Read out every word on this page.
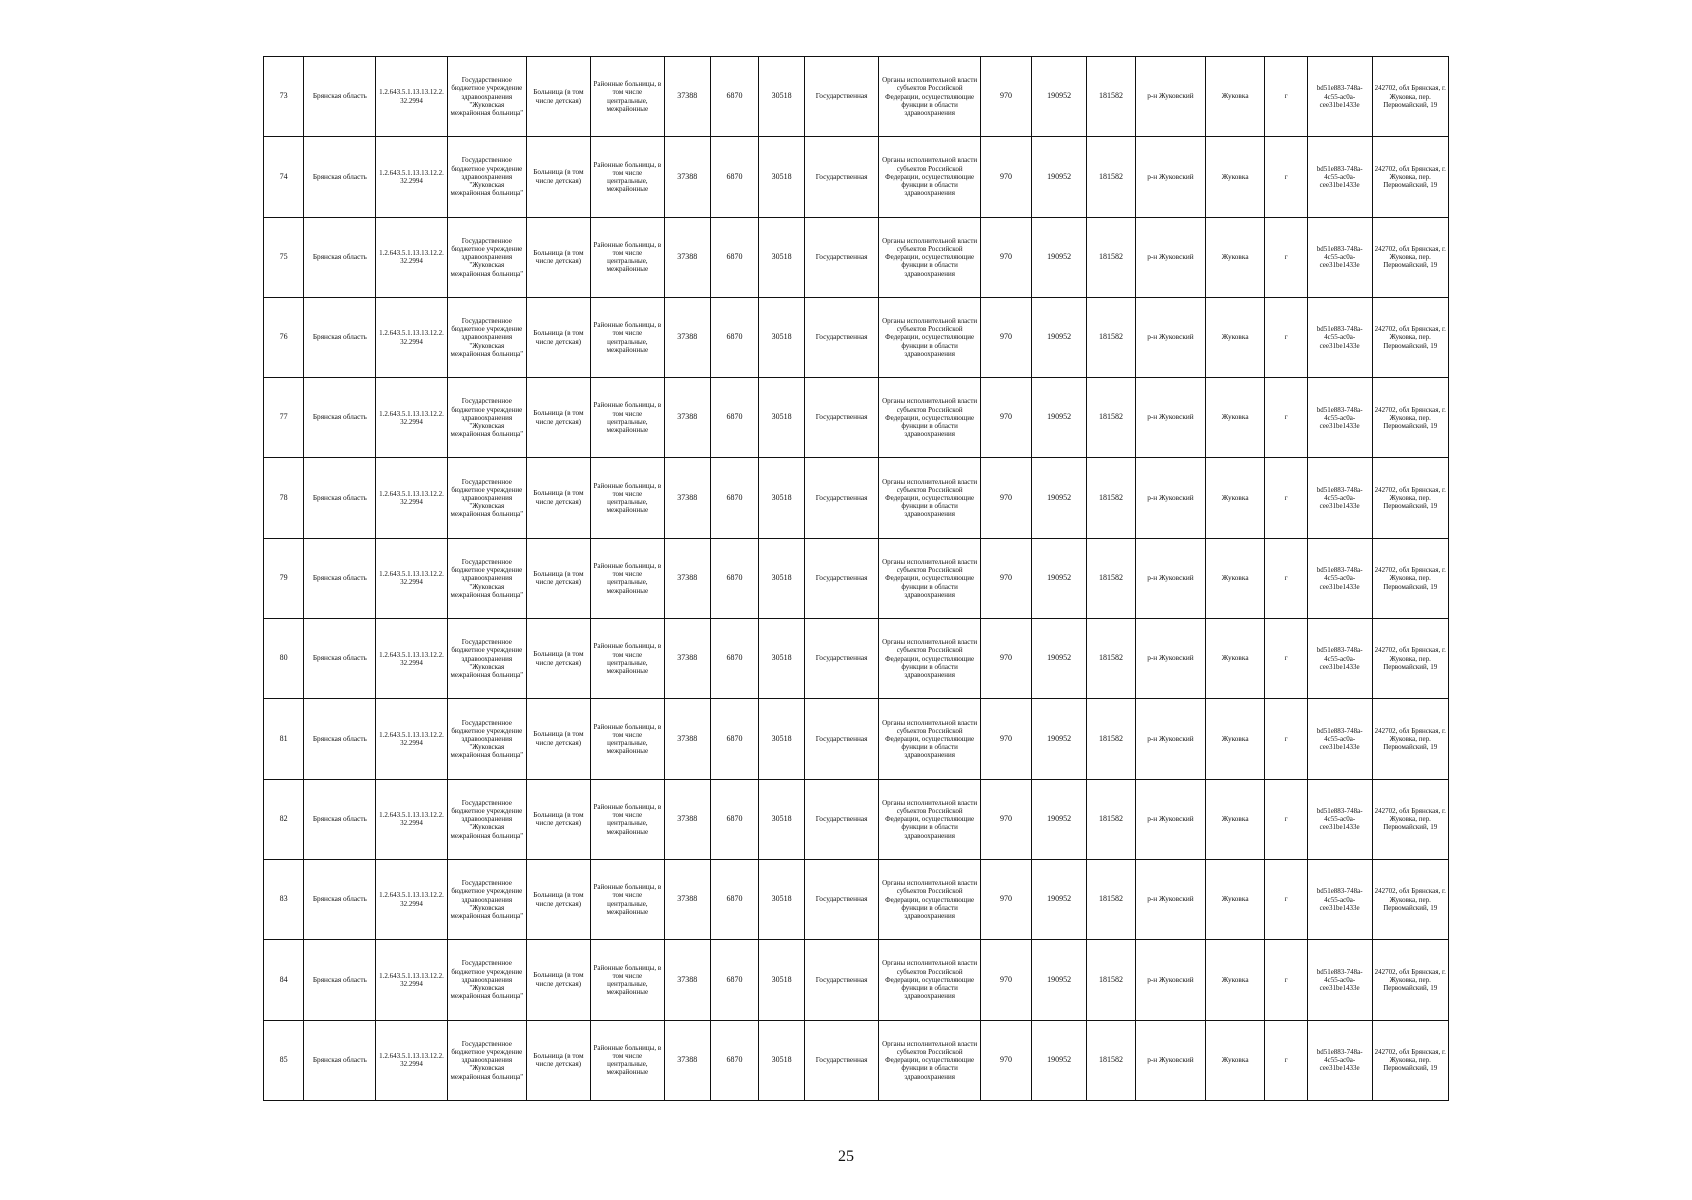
73	Брянская область	1.2.643.5.1.13.13.12.2.32.2994	Государственное бюджетное учреждение здравоохранения "Жуковская межрайонная больница"	Больница (в том числе детская)	Районные больницы, в том числе центральные, межрайонные	37388	6870	30518	Государственная	Органы исполнительной власти субъектов Российской Федерации, осуществляющие функции в области здравоохранения	970	190952	181582	р-н Жуковский	Жуковка	г	bd51e883-748a-4c55-ac0a-cee31be1433e	242702, обл Брянская, г. Жуковка, пер. Первомайский, 19
74	Брянская область	1.2.643.5.1.13.13.12.2.32.2994	Государственное бюджетное учреждение здравоохранения "Жуковская межрайонная больница"	Больница (в том числе детская)	Районные больницы, в том числе центральные, межрайонные	37388	6870	30518	Государственная	Органы исполнительной власти субъектов Российской Федерации, осуществляющие функции в области здравоохранения	970	190952	181582	р-н Жуковский	Жуковка	г	bd51e883-748a-4c55-ac0a-cee31be1433e	242702, обл Брянская, г. Жуковка, пер. Первомайский, 19
75	Брянская область	1.2.643.5.1.13.13.12.2.32.2994	Государственное бюджетное учреждение здравоохранения "Жуковская межрайонная больница"	Больница (в том числе детская)	Районные больницы, в том числе центральные, межрайонные	37388	6870	30518	Государственная	Органы исполнительной власти субъектов Российской Федерации, осуществляющие функции в области здравоохранения	970	190952	181582	р-н Жуковский	Жуковка	г	bd51e883-748a-4c55-ac0a-cee31be1433e	242702, обл Брянская, г. Жуковка, пер. Первомайский, 19
76	Брянская область	1.2.643.5.1.13.13.12.2.32.2994	Государственное бюджетное учреждение здравоохранения "Жуковская межрайонная больница"	Больница (в том числе детская)	Районные больницы, в том числе центральные, межрайонные	37388	6870	30518	Государственная	Органы исполнительной власти субъектов Российской Федерации, осуществляющие функции в области здравоохранения	970	190952	181582	р-н Жуковский	Жуковка	г	bd51e883-748a-4c55-ac0a-cee31be1433e	242702, обл Брянская, г. Жуковка, пер. Первомайский, 19
77	Брянская область	1.2.643.5.1.13.13.12.2.32.2994	Государственное бюджетное учреждение здравоохранения "Жуковская межрайонная больница"	Больница (в том числе детская)	Районные больницы, в том числе центральные, межрайонные	37388	6870	30518	Государственная	Органы исполнительной власти субъектов Российской Федерации, осуществляющие функции в области здравоохранения	970	190952	181582	р-н Жуковский	Жуковка	г	bd51e883-748a-4c55-ac0a-cee31be1433e	242702, обл Брянская, г. Жуковка, пер. Первомайский, 19
78	Брянская область	1.2.643.5.1.13.13.12.2.32.2994	Государственное бюджетное учреждение здравоохранения "Жуковская межрайонная больница"	Больница (в том числе детская)	Районные больницы, в том числе центральные, межрайонные	37388	6870	30518	Государственная	Органы исполнительной власти субъектов Российской Федерации, осуществляющие функции в области здравоохранения	970	190952	181582	р-н Жуковский	Жуковка	г	bd51e883-748a-4c55-ac0a-cee31be1433e	242702, обл Брянская, г. Жуковка, пер. Первомайский, 19
79	Брянская область	1.2.643.5.1.13.13.12.2.32.2994	Государственное бюджетное учреждение здравоохранения "Жуковская межрайонная больница"	Больница (в том числе детская)	Районные больницы, в том числе центральные, межрайонные	37388	6870	30518	Государственная	Органы исполнительной власти субъектов Российской Федерации, осуществляющие функции в области здравоохранения	970	190952	181582	р-н Жуковский	Жуковка	г	bd51e883-748a-4c55-ac0a-cee31be1433e	242702, обл Брянская, г. Жуковка, пер. Первомайский, 19
80	Брянская область	1.2.643.5.1.13.13.12.2.32.2994	Государственное бюджетное учреждение здравоохранения "Жуковская межрайонная больница"	Больница (в том числе детская)	Районные больницы, в том числе центральные, межрайонные	37388	6870	30518	Государственная	Органы исполнительной власти субъектов Российской Федерации, осуществляющие функции в области здравоохранения	970	190952	181582	р-н Жуковский	Жуковка	г	bd51e883-748a-4c55-ac0a-cee31be1433e	242702, обл Брянская, г. Жуковка, пер. Первомайский, 19
81	Брянская область	1.2.643.5.1.13.13.12.2.32.2994	Государственное бюджетное учреждение здравоохранения "Жуковская межрайонная больница"	Больница (в том числе детская)	Районные больницы, в том числе центральные, межрайонные	37388	6870	30518	Государственная	Органы исполнительной власти субъектов Российской Федерации, осуществляющие функции в области здравоохранения	970	190952	181582	р-н Жуковский	Жуковка	г	bd51e883-748a-4c55-ac0a-cee31be1433e	242702, обл Брянская, г. Жуковка, пер. Первомайский, 19
82	Брянская область	1.2.643.5.1.13.13.12.2.32.2994	Государственное бюджетное учреждение здравоохранения "Жуковская межрайонная больница"	Больница (в том числе детская)	Районные больницы, в том числе центральные, межрайонные	37388	6870	30518	Государственная	Органы исполнительной власти субъектов Российской Федерации, осуществляющие функции в области здравоохранения	970	190952	181582	р-н Жуковский	Жуковка	г	bd51e883-748a-4c55-ac0a-cee31be1433e	242702, обл Брянская, г. Жуковка, пер. Первомайский, 19
83	Брянская область	1.2.643.5.1.13.13.12.2.32.2994	Государственное бюджетное учреждение здравоохранения "Жуковская межрайонная больница"	Больница (в том числе детская)	Районные больницы, в том числе центральные, межрайонные	37388	6870	30518	Государственная	Органы исполнительной власти субъектов Российской Федерации, осуществляющие функции в области здравоохранения	970	190952	181582	р-н Жуковский	Жуковка	г	bd51e883-748a-4c55-ac0a-cee31be1433e	242702, обл Брянская, г. Жуковка, пер. Первомайский, 19
84	Брянская область	1.2.643.5.1.13.13.12.2.32.2994	Государственное бюджетное учреждение здравоохранения "Жуковская межрайонная больница"	Больница (в том числе детская)	Районные больницы, в том числе центральные, межрайонные	37388	6870	30518	Государственная	Органы исполнительной власти субъектов Российской Федерации, осуществляющие функции в области здравоохранения	970	190952	181582	р-н Жуковский	Жуковка	г	bd51e883-748a-4c55-ac0a-cee31be1433e	242702, обл Брянская, г. Жуковка, пер. Первомайский, 19
85	Брянская область	1.2.643.5.1.13.13.12.2.32.2994	Государственное бюджетное учреждение здравоохранения "Жуковская межрайонная больница"	Больница (в том числе детская)	Районные больницы, в том числе центральные, межрайонные	37388	6870	30518	Государственная	Органы исполнительной власти субъектов Российской Федерации, осуществляющие функции в области здравоохранения	970	190952	181582	р-н Жуковский	Жуковка	г	bd51e883-748a-4c55-ac0a-cee31be1433e	242702, обл Брянская, г. Жуковка, пер. Первомайский, 19
25
